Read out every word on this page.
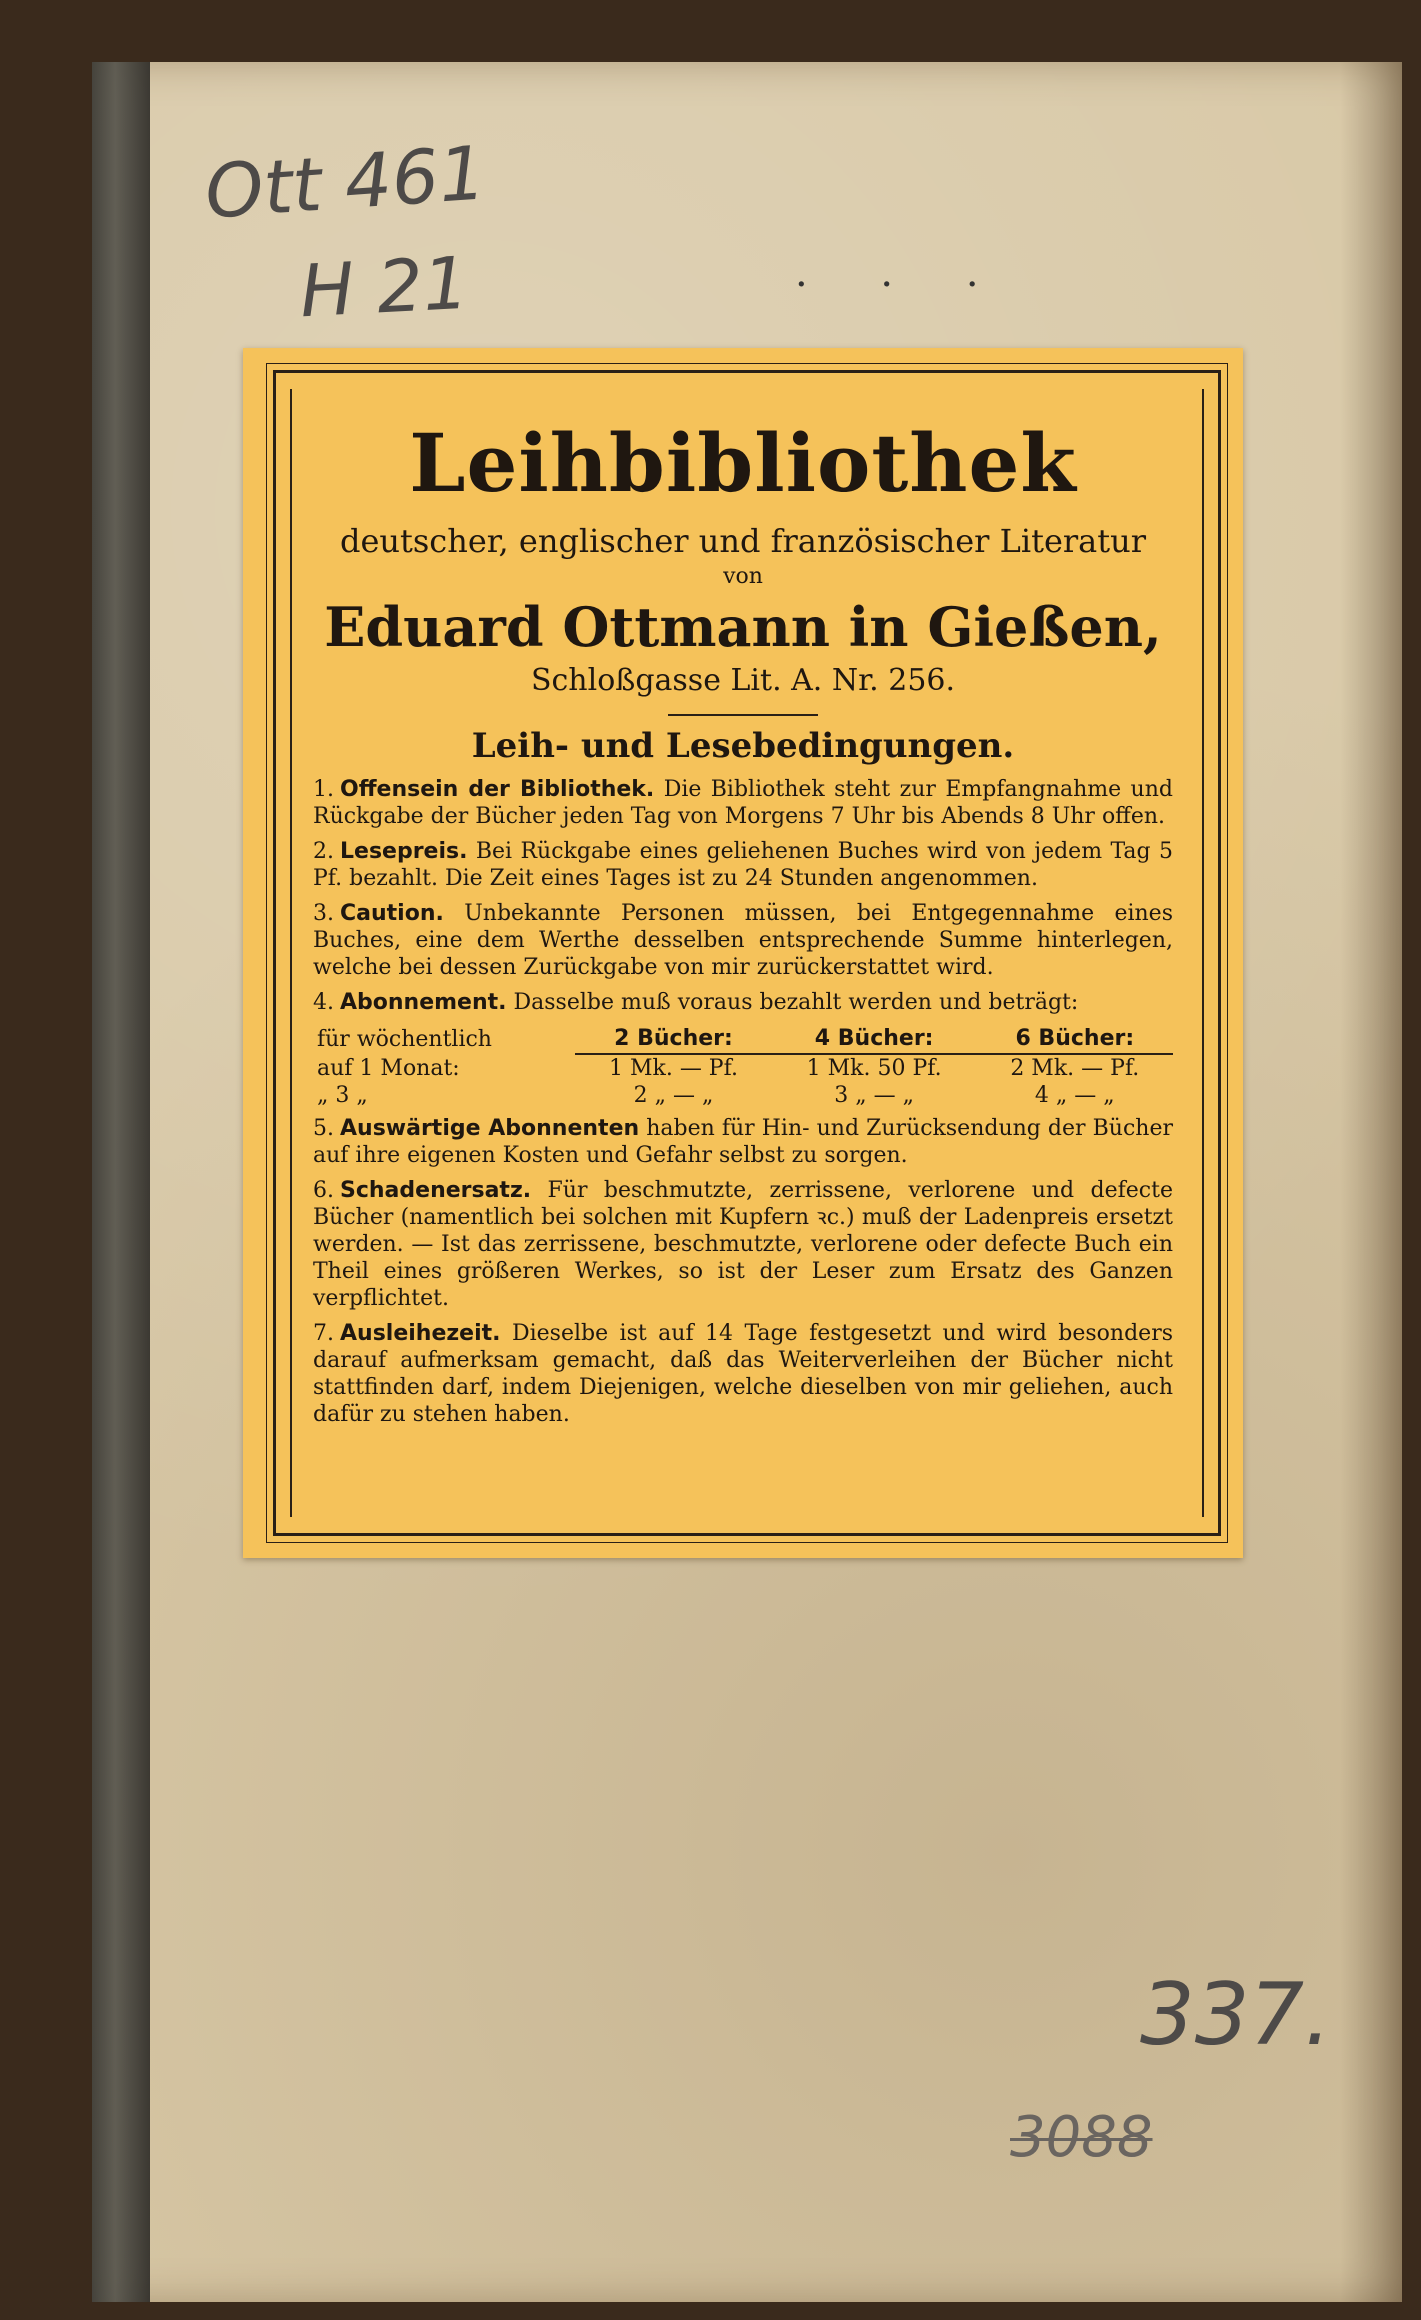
Ott 461
H 21	· · ·
Leihbibliothek

deutscher, englischer und französischer Literatur

von

Eduard Ottmann in Gießen,

Schloßgasse Lit. A. Nr. 256.

Leih- und Lesebedingungen.

1. Offensein der Bibliothek. Die Bibliothek steht zur Empfangnahme und Rückgabe der Bücher jeden Tag von Morgens 7 Uhr bis Abends 8 Uhr offen.

2. Lesepreis. Bei Rückgabe eines geliehenen Buches wird von jedem Tag 5 Pf. bezahlt. Die Zeit eines Tages ist zu 24 Stunden angenommen.

3. Caution. Unbekannte Personen müssen, bei Entgegennahme eines Buches, eine dem Werthe desselben entsprechende Summe hinterlegen, welche bei dessen Zurückgabe von mir zurückerstattet wird.

4. Abonnement. Dasselbe muß voraus bezahlt werden und beträgt:

für wöchentlich	2 Bücher:	4 Bücher:	6 Bücher:
auf 1 Monat:	1 Mk. — Pf.	1 Mk. 50 Pf.	2 Mk. — Pf.
„ 3 „	2 „ — „	3 „ — „	4 „ — „

5. Auswärtige Abonnenten haben für Hin- und Zurücksendung der Bücher auf ihre eigenen Kosten und Gefahr selbst zu sorgen.

6. Schadenersatz. Für beschmutzte, zerrissene, verlorene und defecte Bücher (namentlich bei solchen mit Kupfern ꝛc.) muß der Ladenpreis ersetzt werden. — Ist das zerrissene, beschmutzte, verlorene oder defecte Buch ein Theil eines größeren Werkes, so ist der Leser zum Ersatz des Ganzen verpflichtet.

7. Ausleihezeit. Dieselbe ist auf 14 Tage festgesetzt und wird besonders darauf aufmerksam gemacht, daß das Weiterverleihen der Bücher nicht stattfinden darf, indem Diejenigen, welche dieselben von mir geliehen, auch dafür zu stehen haben.

337.
3088
